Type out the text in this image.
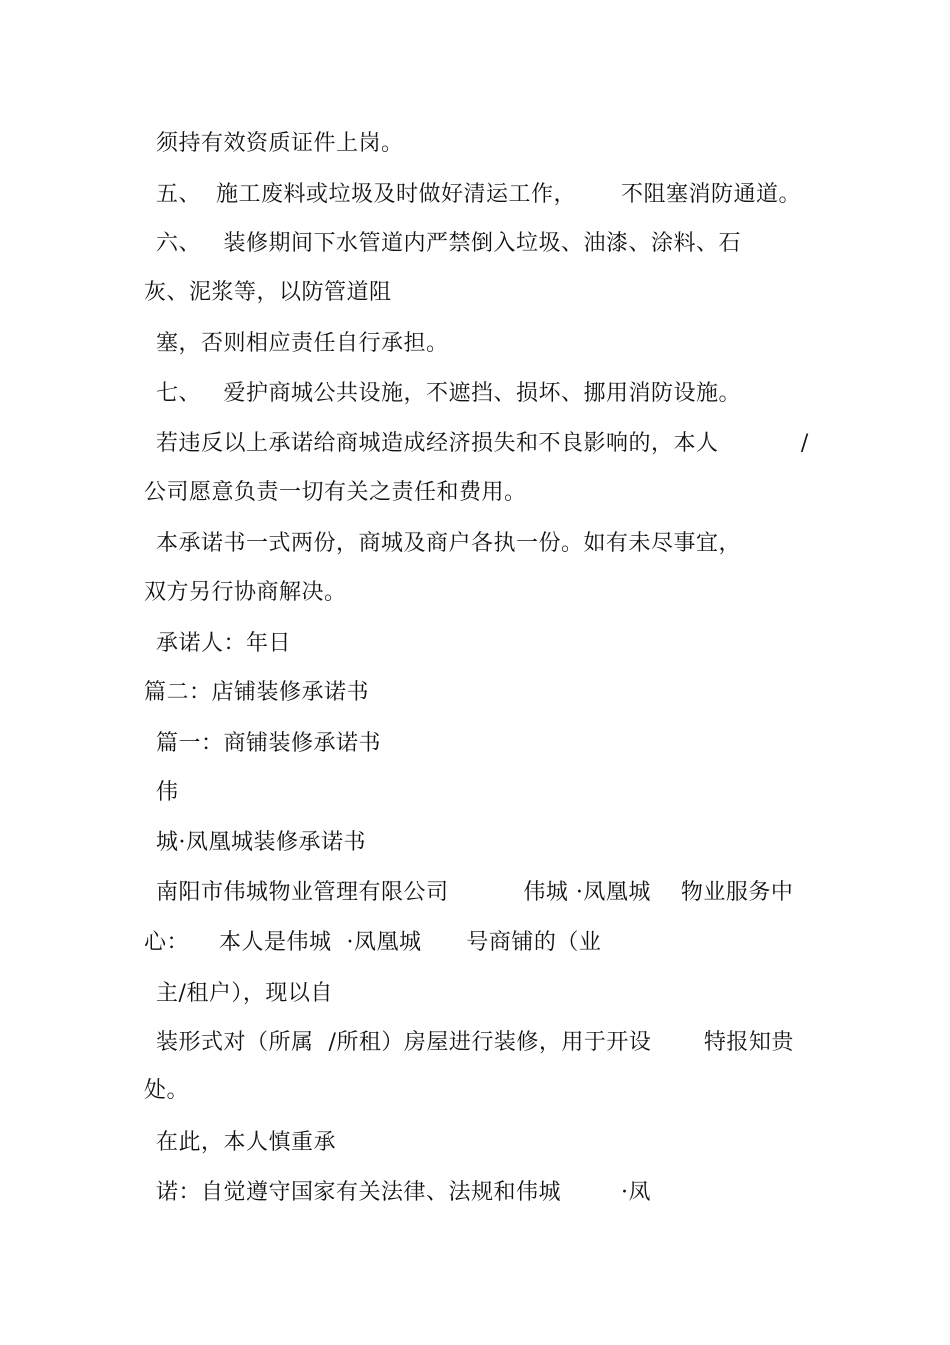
须持有效资质证件上岗。
五、  施工废料或垃圾及时做好清运工作，      不阻塞消防通道。
六、   装修期间下水管道内严禁倒入垃圾、油漆、涂料、石
灰、泥浆等，以防管道阻
塞，否则相应责任自行承担。
七、   爱护商城公共设施，不遮挡、损坏、挪用消防设施。
若违反以上承诺给商城造成经济损失和不良影响的，本人           /
公司愿意负责一切有关之责任和费用。
本承诺书一式两份，商城及商户各执一份。如有未尽事宜，
双方另行协商解决。
承诺人：年日
篇二：店铺装修承诺书
篇一：商铺装修承诺书
伟
城·凤凰城装修承诺书
南阳市伟城物业管理有限公司          伟城 ·凤凰城    物业服务中
心：    本人是伟城  ·凤凰城      号商铺的（业
主/租户），现以自
装形式对（所属  /所租）房屋进行装修，用于开设       特报知贵
处。
在此，本人慎重承
诺：自觉遵守国家有关法律、法规和伟城        ·凤
